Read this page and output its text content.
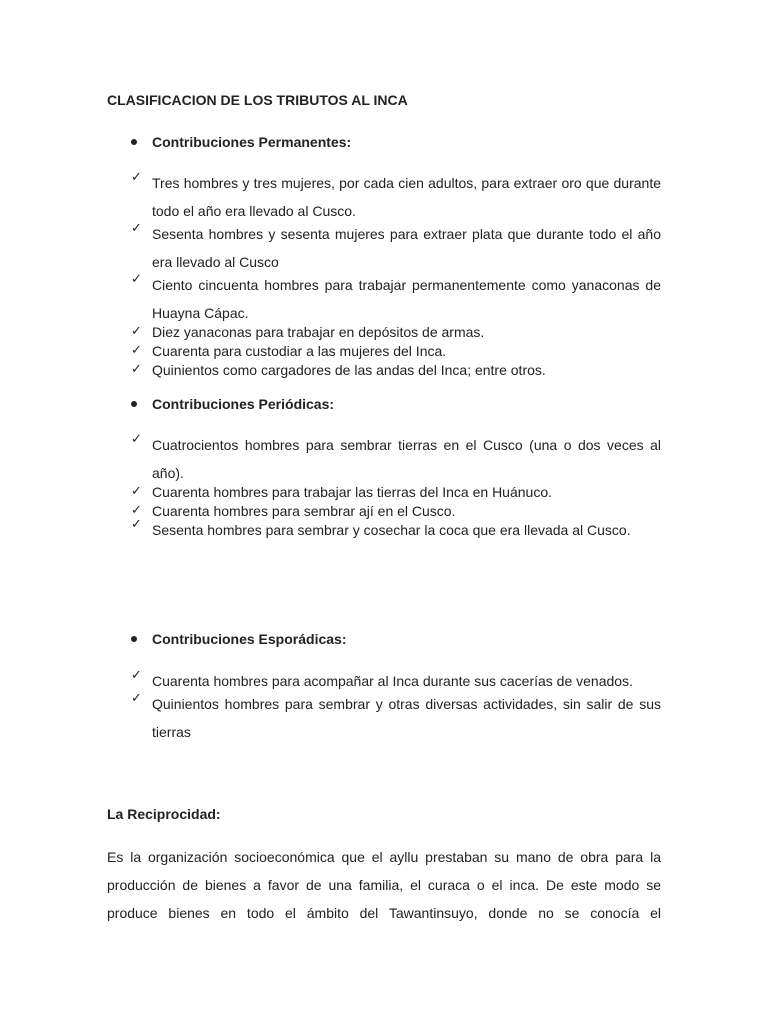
CLASIFICACION DE LOS TRIBUTOS AL INCA
Contribuciones Permanentes:
✓ Tres hombres y tres mujeres, por cada cien adultos, para extraer oro que durante todo el año era llevado al Cusco.
✓ Sesenta hombres y sesenta mujeres para extraer plata que durante todo el año era llevado al Cusco
✓ Ciento cincuenta hombres para trabajar permanentemente como yanaconas de Huayna Cápac.
✓ Diez yanaconas para trabajar en depósitos de armas.
✓ Cuarenta para custodiar a las mujeres del Inca.
✓ Quinientos como cargadores de las andas del Inca; entre otros.
Contribuciones Periódicas:
✓ Cuatrocientos hombres para sembrar tierras en el Cusco (una o dos veces al año).
✓ Cuarenta hombres para trabajar las tierras del Inca en Huánuco.
✓ Cuarenta hombres para sembrar ají en el Cusco.
✓ Sesenta hombres para sembrar y cosechar la coca que era llevada al Cusco.
Contribuciones Esporádicas:
✓ Cuarenta hombres para acompañar al Inca durante sus cacerías de venados.
✓ Quinientos hombres para sembrar y otras diversas actividades, sin salir de sus tierras
La Reciprocidad:
Es la organización socioeconómica que el ayllu prestaban su mano de obra para la producción de bienes a favor de una familia, el curaca o el inca. De este modo se produce bienes en todo el ámbito del Tawantinsuyo, donde no se conocía el
